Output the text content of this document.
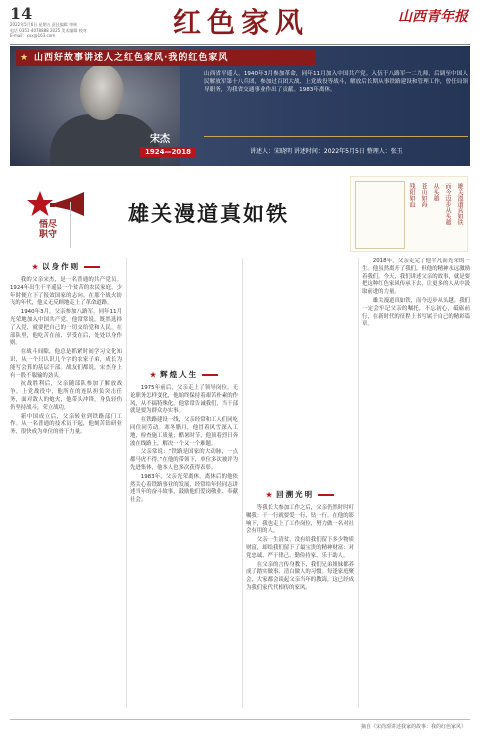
14
2022年5月6日 星期五 责任编辑 审核
电话 0351-4078888 2025 美术编辑 校对
E-mail：xxx@163.com	红色家风	山西青年报
★ 山西好故事讲述人之红色家风·我的红色家风
宋杰
1924—2018
山西省平遥人，1940年3月参加革命，同年11月加入中国共产党。入伍于八路军一二九师，后调至中国人民解放军第十八兵团，参加过百团大战、上党战役等战斗，解放后长期从事铁路建设和管理工作，曾任局领导职务，为我省交通事业作出了贡献。1983年离休。
讲述人：宋晓明 讲述时间：2022年5月5日 整理人：张玉
悟尽
职守
雄关漫道真如铁	雄关漫道真如铁
而今迈步从头越
从头越
苍山如海
残阳如血
★ 以身作则

我的父亲宋杰，是一名普通的共产党员。1924年出生于平遥县一个贫苦的农民家庭，少年时便立下了报效国家的志向。在那个战火纷飞的年代，他义无反顾地走上了革命道路。

1940年3月，父亲参加八路军，同年11月光荣地加入中国共产党。他常常说，既然选择了入党，就要把自己的一切交给党和人民。在部队里，他吃苦在前、享受在后，处处以身作则。

在战斗间隙，他总是抓紧时间学习文化知识，从一个只认识几个字的农家子弟，成长为能写会算的基层干部。战友们都说，宋杰身上有一股不服输的劲头。

抗战胜利后，父亲随部队参加了解放战争。上党战役中，他所在的连队担负突击任务，面对敌人的炮火，他带头冲锋，身负轻伤仍坚持战斗，荣立战功。

新中国成立后，父亲转业到铁路部门工作。从一名普通的技术员干起，他刻苦钻研业务，很快成为单位的骨干力量。

★ 辉煌人生

1975年前后，父亲走上了领导岗位。无论职务怎样变化，他始终保持着艰苦朴素的作风，从不搞特殊化。他常常告诫我们，当干部就是要为群众办实事。

在铁路建设一线，父亲经常和工人们同吃同住同劳动。寒冬腊月，他冒着风雪深入工地，检查施工质量；酷暑时节，他顶着烈日奔波在线路上，解决一个又一个难题。

父亲常说：“铁路是国家的大动脉，一点都马虎不得。”在他的带领下，单位多次被评为先进集体，他本人也多次获得表彰。

1983年，父亲光荣离休。离休后的他依然关心着铁路事业的发展，经常给年轻同志讲述当年的奋斗故事，鼓励他们爱岗敬业、奉献社会。

★ 回溯光明

等我长大参加工作之后，父亲仍然时时叮嘱我：干一行就要爱一行、钻一行。在他的影响下，我也走上了工作岗位，努力做一名对社会有用的人。

父亲一生清贫，没有给我们留下多少物质财富，却给我们留下了最宝贵的精神财富：对党忠诚、严于律己、勤俭持家、乐于助人。

在父亲的言传身教下，我们兄弟姐妹都养成了踏实做事、清白做人的习惯。每逢家庭聚会，大家都会谈起父亲当年的教诲，这已经成为我们家代代相传的家风。

2018年，父亲走完了他平凡而光荣的一生。他虽然离开了我们，但他的精神永远激励着我们。今天，我们讲述父亲的故事，就是要把这种红色家风传承下去，让更多的人从中汲取前进的力量。

雄关漫道真如铁，而今迈步从头越。我们一定会牢记父亲的嘱托，不忘初心，砥砺前行，在新时代的征程上书写属于自己的精彩篇章。

摘自《宋尚璟讲述我家的故事：我的红色家风》
